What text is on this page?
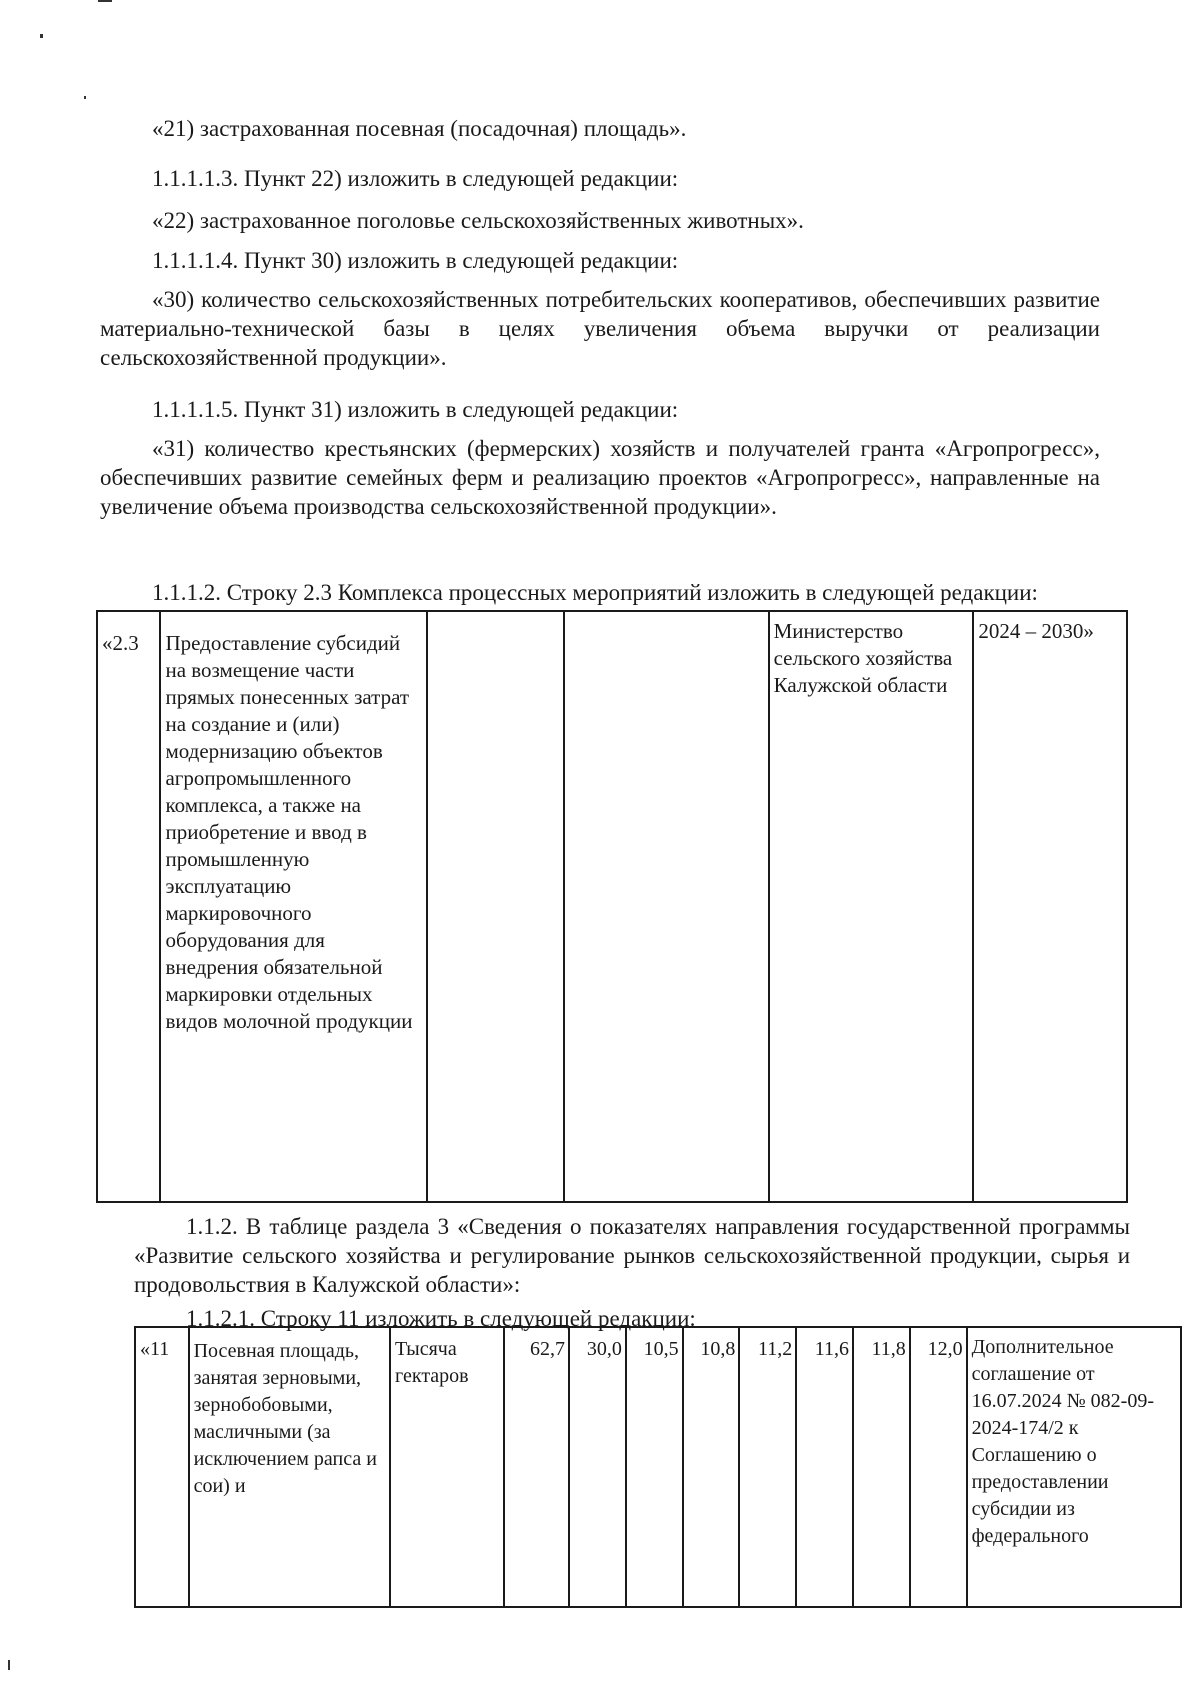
«21) застрахованная посевная (посадочная) площадь».

1.1.1.1.3. Пункт 22) изложить в следующей редакции:

«22) застрахованное поголовье сельскохозяйственных животных».

1.1.1.1.4. Пункт 30) изложить в следующей редакции:

«30) количество сельскохозяйственных потребительских кооперативов, обеспечивших развитие материально-технической базы в целях увеличения объема выручки от реализации сельскохозяйственной продукции».

1.1.1.1.5. Пункт 31) изложить в следующей редакции:

«31) количество крестьянских (фермерских) хозяйств и получателей гранта «Агропрогресс», обеспечивших развитие семейных ферм и реализацию проектов «Агропрогресс», направленные на увеличение объема производства сельскохозяйственной продукции».

1.1.1.2. Строку 2.3 Комплекса процессных мероприятий изложить в следующей редакции:

«2.3	Предоставление субсидий на возмещение части прямых понесенных затрат на создание и (или) модернизацию объектов агропромышленного комплекса, а также на приобретение и ввод в промышленную эксплуатацию маркировочного оборудования для внедрения обязательной маркировки отдельных видов молочной продукции			Министерство сельского хозяйства Калужской области	2024 – 2030»

1.1.2. В таблице раздела 3 «Сведения о показателях направления государственной программы «Развитие сельского хозяйства и регулирование рынков сельскохозяйственной продукции, сырья и продовольствия в Калужской области»:

1.1.2.1. Строку 11 изложить в следующей редакции:

«11	Посевная площадь, занятая зерновыми, зернобобовыми, масличными (за исключением рапса и сои) и	Тысяча гектаров	62,7	30,0	10,5	10,8	11,2	11,6	11,8	12,0	Дополнительное соглашение от 16.07.2024 № 082-09-2024-174/2 к Соглашению о предоставлении субсидии из федерального
